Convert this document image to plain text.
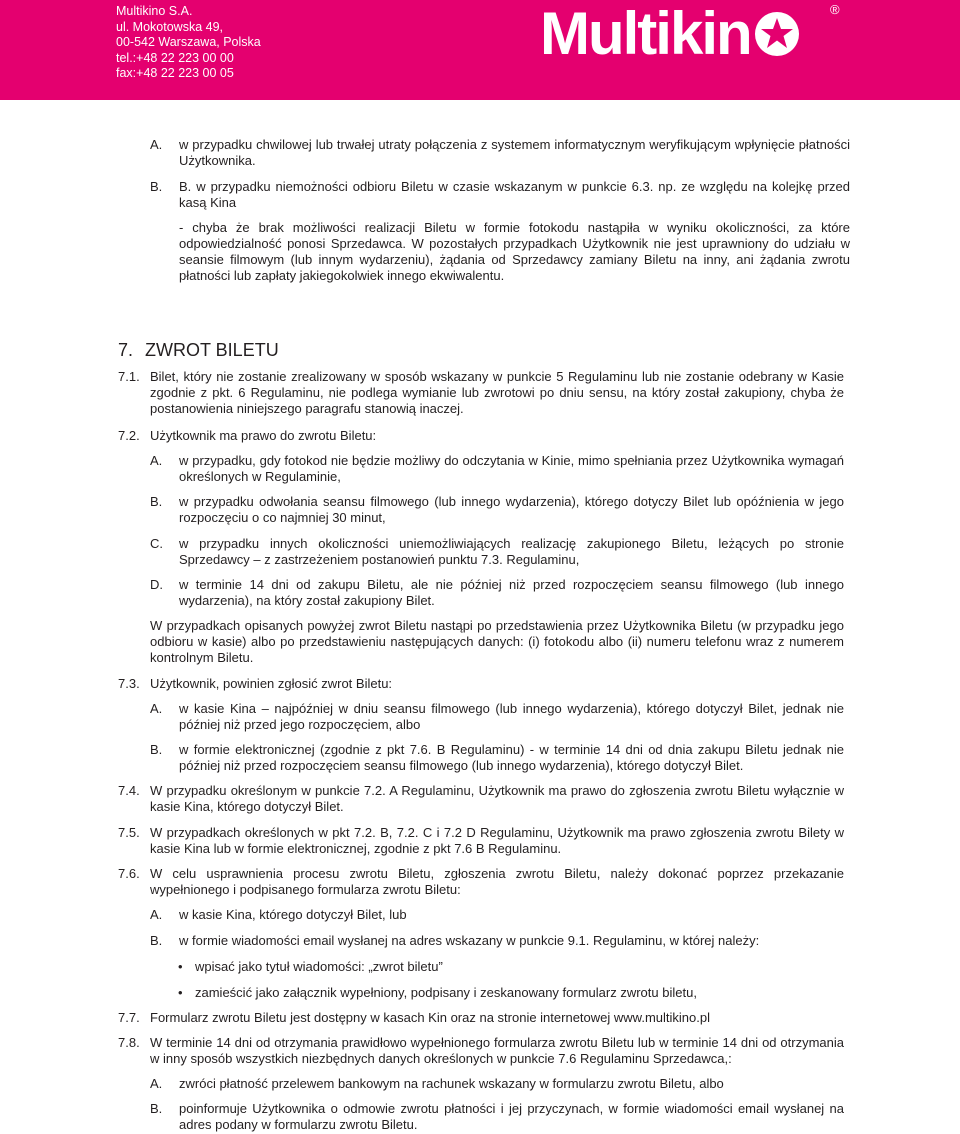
Multikino S.A.
ul. Mokotowska 49,
00-542 Warszawa, Polska
tel.:+48 22 223 00 00
fax:+48 22 223 00 05
Multikin	®
A. w przypadku chwilowej lub trwałej utraty połączenia z systemem informatycznym weryfikującym wpłynięcie płatności Użytkownika.
B. B. w przypadku niemożności odbioru Biletu w czasie wskazanym w punkcie 6.3. np. ze względu na kolejkę przed kasą Kina
- chyba że brak możliwości realizacji Biletu w formie fotokodu nastąpiła w wyniku okoliczności, za które odpowiedzialność ponosi Sprzedawca. W pozostałych przypadkach Użytkownik nie jest uprawniony do udziału w seansie filmowym (lub innym wydarzeniu), żądania od Sprzedawcy zamiany Biletu na inny, ani żądania zwrotu płatności lub zapłaty jakiegokolwiek innego ekwiwalentu.
7. ZWROT BILETU
7.1. Bilet, który nie zostanie zrealizowany w sposób wskazany w punkcie 5 Regulaminu lub nie zostanie odebrany w Kasie zgodnie z pkt. 6 Regulaminu, nie podlega wymianie lub zwrotowi po dniu sensu, na który został zakupiony, chyba że postanowienia niniejszego paragrafu stanowią inaczej.
7.2. Użytkownik ma prawo do zwrotu Biletu:
A. w przypadku, gdy fotokod nie będzie możliwy do odczytania w Kinie, mimo spełniania przez Użytkownika wymagań określonych w Regulaminie,
B. w przypadku odwołania seansu filmowego (lub innego wydarzenia), którego dotyczy Bilet lub opóźnienia w jego rozpoczęciu o co najmniej 30 minut,
C. w przypadku innych okoliczności uniemożliwiających realizację zakupionego Biletu, leżących po stronie Sprzedawcy – z zastrzeżeniem postanowień punktu 7.3. Regulaminu,
D. w terminie 14 dni od zakupu Biletu, ale nie później niż przed rozpoczęciem seansu filmowego (lub innego wydarzenia), na który został zakupiony Bilet.
W przypadkach opisanych powyżej zwrot Biletu nastąpi po przedstawienia przez Użytkownika Biletu (w przypadku jego odbioru w kasie) albo po przedstawieniu następujących danych: (i) fotokodu albo (ii) numeru telefonu wraz z numerem kontrolnym Biletu.
7.3. Użytkownik, powinien zgłosić zwrot Biletu:
A. w kasie Kina – najpóźniej w dniu seansu filmowego (lub innego wydarzenia), którego dotyczył Bilet, jednak nie później niż przed jego rozpoczęciem, albo
B. w formie elektronicznej (zgodnie z pkt 7.6. B Regulaminu) - w terminie 14 dni od dnia zakupu Biletu jednak nie później niż przed rozpoczęciem seansu filmowego (lub innego wydarzenia), którego dotyczył Bilet.
7.4. W przypadku określonym w punkcie 7.2. A Regulaminu, Użytkownik ma prawo do zgłoszenia zwrotu Biletu wyłącznie w kasie Kina, którego dotyczył Bilet.
7.5. W przypadkach określonych w pkt 7.2. B, 7.2. C i 7.2 D Regulaminu, Użytkownik ma prawo zgłoszenia zwrotu Bilety w kasie Kina lub w formie elektronicznej, zgodnie z pkt 7.6 B Regulaminu.
7.6. W celu usprawnienia procesu zwrotu Biletu, zgłoszenia zwrotu Biletu, należy dokonać poprzez przekazanie wypełnionego i podpisanego formularza zwrotu Biletu:
A. w kasie Kina, którego dotyczył Bilet, lub
B. w formie wiadomości email wysłanej na adres wskazany w punkcie 9.1. Regulaminu, w której należy:
• wpisać jako tytuł wiadomości: „zwrot biletu”
• zamieścić jako załącznik wypełniony, podpisany i zeskanowany formularz zwrotu biletu,
7.7. Formularz zwrotu Biletu jest dostępny w kasach Kin oraz na stronie internetowej www.multikino.pl
7.8. W terminie 14 dni od otrzymania prawidłowo wypełnionego formularza zwrotu Biletu lub w terminie 14 dni od otrzymania w inny sposób wszystkich niezbędnych danych określonych w punkcie 7.6 Regulaminu Sprzedawca,:
A. zwróci płatność przelewem bankowym na rachunek wskazany w formularzu zwrotu Biletu, albo
B. poinformuje Użytkownika o odmowie zwrotu płatności i jej przyczynach, w formie wiadomości email wysłanej na adres podany w formularzu zwrotu Biletu.
